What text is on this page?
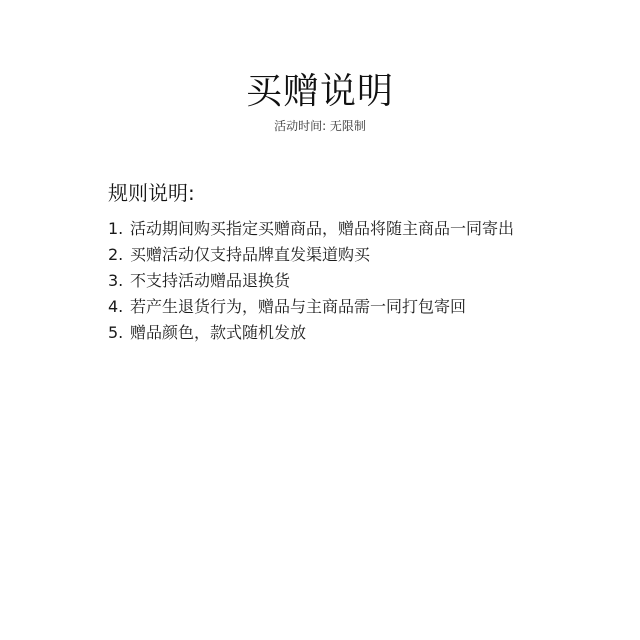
买赠说明
活动时间: 无限制
规则说明:
1. 活动期间购买指定买赠商品，赠品将随主商品一同寄出
2. 买赠活动仅支持品牌直发渠道购买
3. 不支持活动赠品退换货
4. 若产生退货行为，赠品与主商品需一同打包寄回
5. 赠品颜色，款式随机发放
